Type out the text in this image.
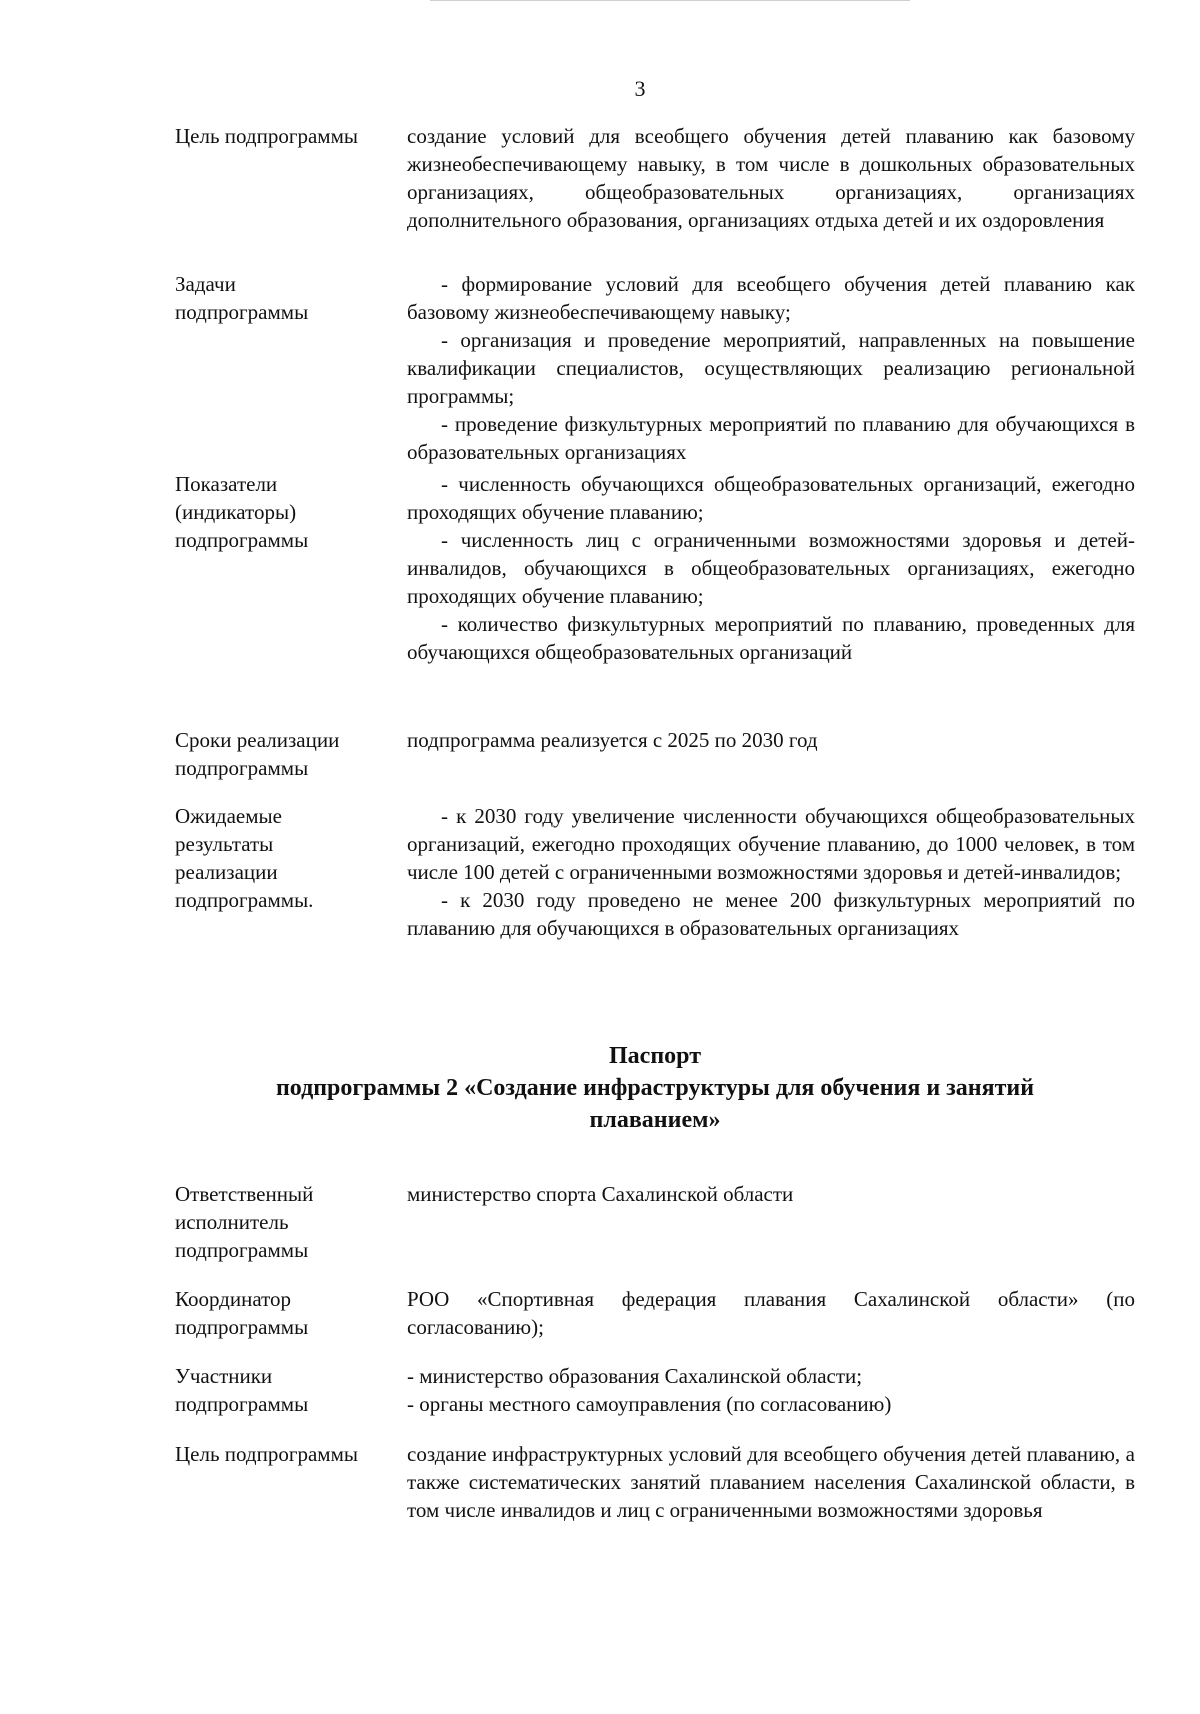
3
Цель подпрограммы	создание условий для всеобщего обучения детей плаванию как базовому жизнеобеспечивающему навыку, в том числе в дошкольных образовательных организациях, общеобразовательных организациях, организациях дополнительного образования, организациях отдыха детей и их оздоровления

Задачи
подпрограммы

- формирование условий для всеобщего обучения детей плаванию как базовому жизнеобеспечивающему навыку;

- организация и проведение мероприятий, направленных на повышение квалификации специалистов, осуществляющих реализацию региональной программы;

- проведение физкультурных мероприятий по плаванию для обучающихся в образовательных организациях

Показатели
(индикаторы)
подпрограммы

- численность обучающихся общеобразовательных организаций, ежегодно проходящих обучение плаванию;

- численность лиц с ограниченными возможностями здоровья и детей-инвалидов, обучающихся в общеобразовательных организациях, ежегодно проходящих обучение плаванию;

- количество физкультурных мероприятий по плаванию, проведенных для обучающихся общеобразовательных организаций

Сроки реализации
подпрограммы

подпрограмма реализуется с 2025 по 2030 год

Ожидаемые
результаты
реализации
подпрограммы.

- к 2030 году увеличение численности обучающихся общеобразовательных организаций, ежегодно проходящих обучение плаванию, до 1000 человек, в том числе 100 детей с ограниченными возможностями здоровья и детей-инвалидов;

- к 2030 году проведено не менее 200 физкультурных мероприятий по плаванию для обучающихся в образовательных организациях

Паспорт
подпрограммы 2 «Создание инфраструктуры для обучения и занятий
плаванием»
Ответственный
исполнитель
подпрограммы

министерство спорта Сахалинской области

Координатор
подпрограммы

РОО «Спортивная федерация плавания Сахалинской области» (по согласованию);

Участники
подпрограммы

- министерство образования Сахалинской области;

- органы местного самоуправления (по согласованию)

Цель подпрограммы	создание инфраструктурных условий для всеобщего обучения детей плаванию, а также систематических занятий плаванием населения Сахалинской области, в том числе инвалидов и лиц с ограниченными возможностями здоровья
